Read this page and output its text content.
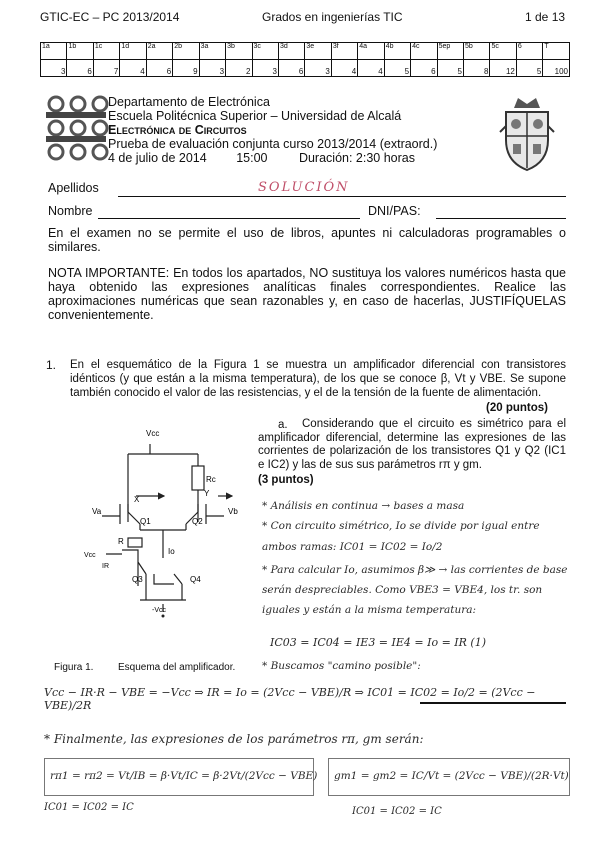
GTIC-EC – PC 2013/2014	Grados en ingenierías TIC	1 de 13
1a	1b	1c	1d	2a	2b	3a	3b	3c	3d	3e	3f	4a	4b	4c	5ep	5b	5c	6	T
3	6	7	4	6	9	3	2	3	6	3	4	4	5	6	5	8	12	5	100
Departamento de Electrónica
Escuela Politécnica Superior – Universidad de Alcalá
Electrónica de Circuitos
Prueba de evaluación conjunta curso 2013/2014 (extraord.)
4 de julio de 2014 15:00	Duración: 2:30 horas
Apellidos	SOLUCIÓN
Nombre	DNI/PAS:
En el examen no se permite el uso de libros, apuntes ni calculadoras programables o similares.
NOTA IMPORTANTE: En todos los apartados, NO sustituya los valores numéricos hasta que haya obtenido las expresiones analíticas finales correspondientes. Realice las aproximaciones numéricas que sean razonables y, en caso de hacerlas, JUSTIFÍQUELAS convenientemente.
1. En el esquemático de la Figura 1 se muestra un amplificador diferencial con transistores idénticos (y que están a la misma temperatura), de los que se conoce β, Vt y VBE. Se supone también conocido el valor de las resistencias, y el de la tensión de la fuente de alimentación.
(20 puntos)
a.	Considerando que el circuito es simétrico para el amplificador diferencial, determine las expresiones de las corrientes de polarización de los transistores Q1 y Q2 (IC1 e IC2) y las de sus sus parámetros rπ y gm.
(3 puntos)
Vcc
Rc
X
Y
Va	Vb
Q1	Q2
Io
R
Vcc
IR
Q3	Q4
-Vcc
Figura 1. Esquema del amplificador.
* Análisis en continua → bases a masa
* Con circuito simétrico, Io se divide por igual entre ambos ramas: IC01 = IC02 = Io/2
* Para calcular Io, asumimos β≫ → las corrientes de base serán despreciables. Como VBE3 = VBE4, los tr. son iguales y están a la misma temperatura:
IC03 = IC04 = IE3 = IE4 = Io = IR (1)
* Buscamos "camino posible":
Vcc − IR·R − VBE = −Vcc ⇒ IR = Io = (2Vcc − VBE)/R ⇒ IC01 = IC02 = Io/2 = (2Vcc − VBE)/2R
* Finalmente, las expresiones de los parámetros rπ, gm serán:
rπ1 = rπ2 = Vt/IB = β·Vt/IC = β·2Vt/(2Vcc − VBE)
IC01 = IC02 = IC
gm1 = gm2 = IC/Vt = (2Vcc − VBE)/(2R·Vt)
IC01 = IC02 = IC
